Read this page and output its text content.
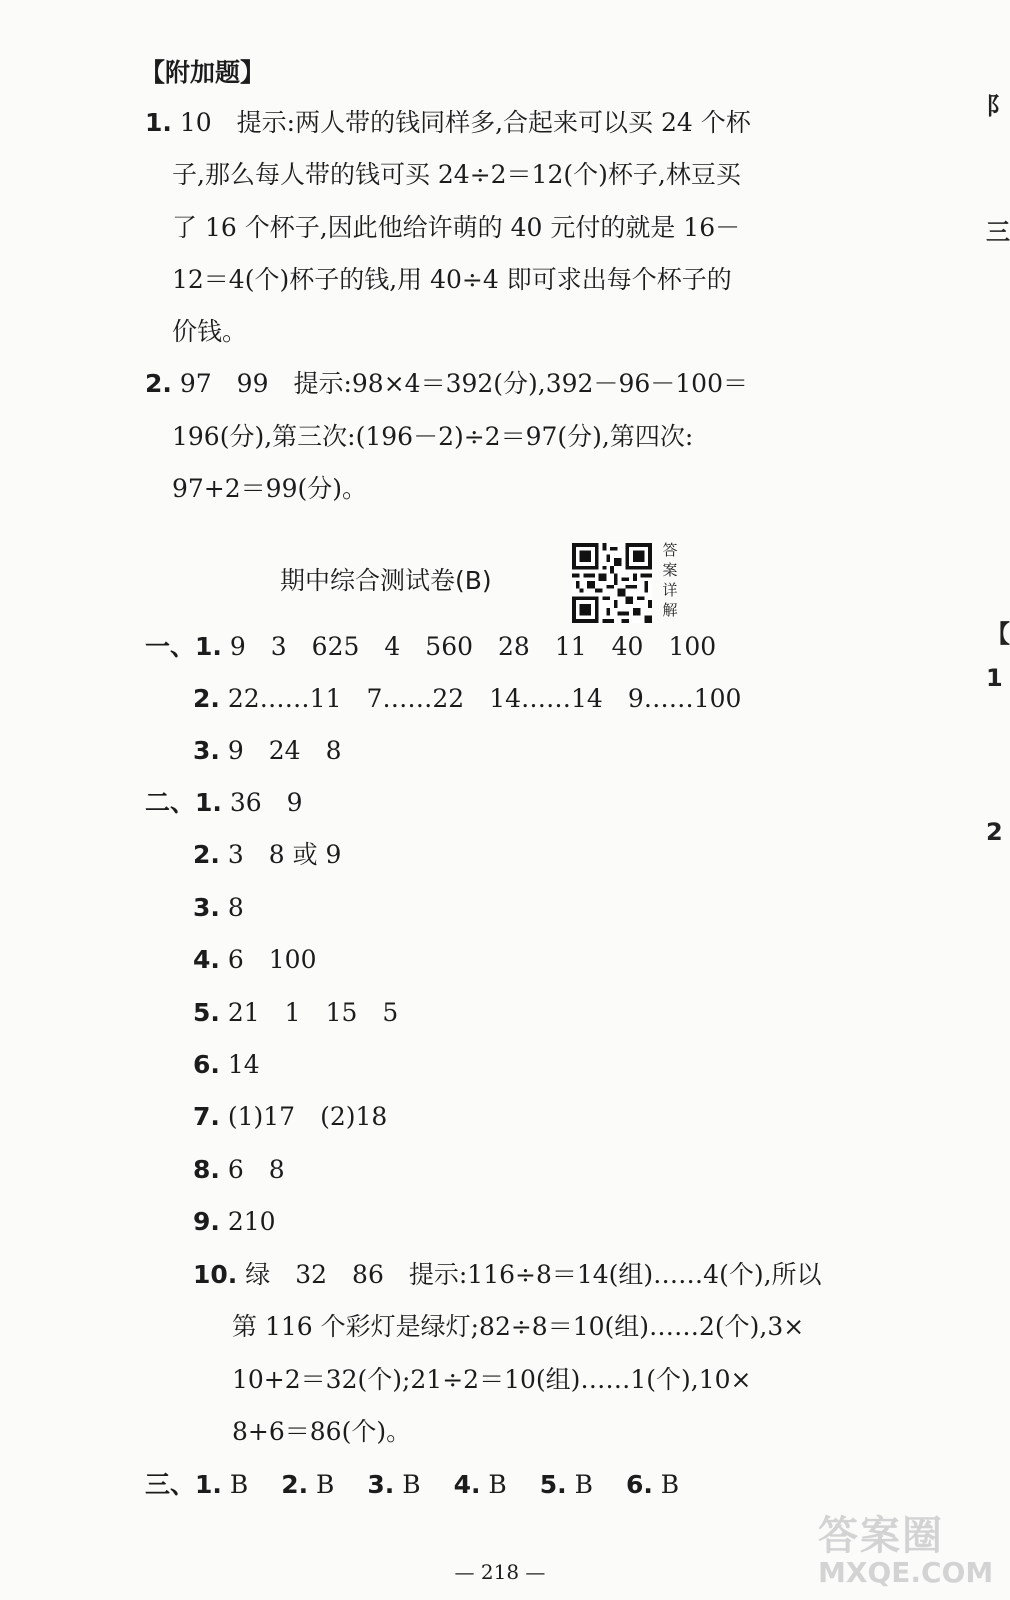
【附加题】
1. 10　提示:两人带的钱同样多,合起来可以买 24 个杯
子,那么每人带的钱可买 24÷2＝12(个)杯子,林豆买
了 16 个杯子,因此他给许萌的 40 元付的就是 16－
12＝4(个)杯子的钱,用 40÷4 即可求出每个杯子的
价钱。
2. 97　99　提示:98×4＝392(分),392－96－100＝
196(分),第三次:(196－2)÷2＝97(分),第四次:
97+2＝99(分)。
期中综合测试卷(B)
答案详解
一、1. 9　3　625　4　560　28　11　40　100
2. 22……11　7……22　14……14　9……100
3. 9　24　8
二、1. 36　9
2. 3　8 或 9
3. 8
4. 6　100
5. 21　1　15　5
6. 14
7. (1)17　(2)18
8. 6　8
9. 210
10. 绿　32　86　提示:116÷8＝14(组)……4(个),所以
第 116 个彩灯是绿灯;82÷8＝10(组)……2(个),3×
10+2＝32(个);21÷2＝10(组)……1(个),10×
8+6＝86(个)。
三、1. B　 2. B　 3. B　 4. B　 5. B　 6. B
— 218 —
阝
三
【
1
2
答案圈
MXQE.COM
